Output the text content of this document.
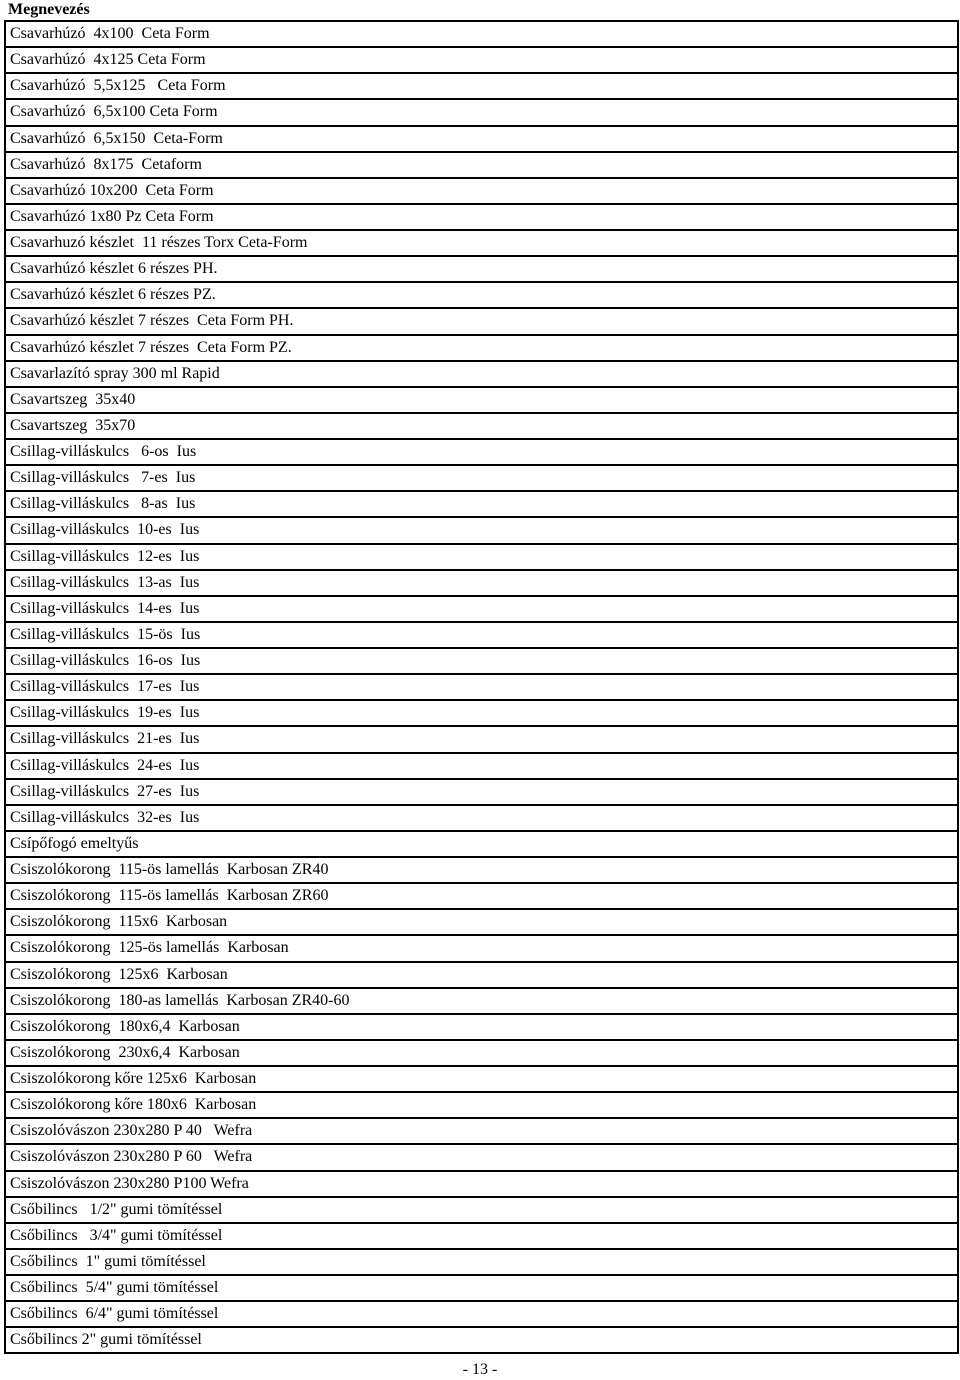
Megnevezés
Csavarhúzó  4x100  Ceta Form
Csavarhúzó  4x125 Ceta Form
Csavarhúzó  5,5x125   Ceta Form
Csavarhúzó  6,5x100 Ceta Form
Csavarhúzó  6,5x150  Ceta-Form
Csavarhúzó  8x175  Cetaform
Csavarhúzó 10x200  Ceta Form
Csavarhúzó 1x80 Pz Ceta Form
Csavarhuzó készlet  11 részes Torx Ceta-Form
Csavarhúzó készlet 6 részes PH.
Csavarhúzó készlet 6 részes PZ.
Csavarhúzó készlet 7 részes  Ceta Form PH.
Csavarhúzó készlet 7 részes  Ceta Form PZ.
Csavarlazító spray 300 ml Rapid
Csavartszeg  35x40
Csavartszeg  35x70
Csillag-villáskulcs   6-os  Ius
Csillag-villáskulcs   7-es  Ius
Csillag-villáskulcs   8-as  Ius
Csillag-villáskulcs  10-es  Ius
Csillag-villáskulcs  12-es  Ius
Csillag-villáskulcs  13-as  Ius
Csillag-villáskulcs  14-es  Ius
Csillag-villáskulcs  15-ös  Ius
Csillag-villáskulcs  16-os  Ius
Csillag-villáskulcs  17-es  Ius
Csillag-villáskulcs  19-es  Ius
Csillag-villáskulcs  21-es  Ius
Csillag-villáskulcs  24-es  Ius
Csillag-villáskulcs  27-es  Ius
Csillag-villáskulcs  32-es  Ius
Csípőfogó emeltyűs
Csiszolókorong  115-ös lamellás  Karbosan ZR40
Csiszolókorong  115-ös lamellás  Karbosan ZR60
Csiszolókorong  115x6  Karbosan
Csiszolókorong  125-ös lamellás  Karbosan
Csiszolókorong  125x6  Karbosan
Csiszolókorong  180-as lamellás  Karbosan ZR40-60
Csiszolókorong  180x6,4  Karbosan
Csiszolókorong  230x6,4  Karbosan
Csiszolókorong kőre 125x6  Karbosan
Csiszolókorong kőre 180x6  Karbosan
Csiszolóvászon 230x280 P 40   Wefra
Csiszolóvászon 230x280 P 60   Wefra
Csiszolóvászon 230x280 P100 Wefra
Csőbilincs   1/2" gumi tömítéssel
Csőbilincs   3/4" gumi tömítéssel
Csőbilincs  1" gumi tömítéssel
Csőbilincs  5/4" gumi tömítéssel
Csőbilincs  6/4" gumi tömítéssel
Csőbilincs 2" gumi tömítéssel
- 13 -
